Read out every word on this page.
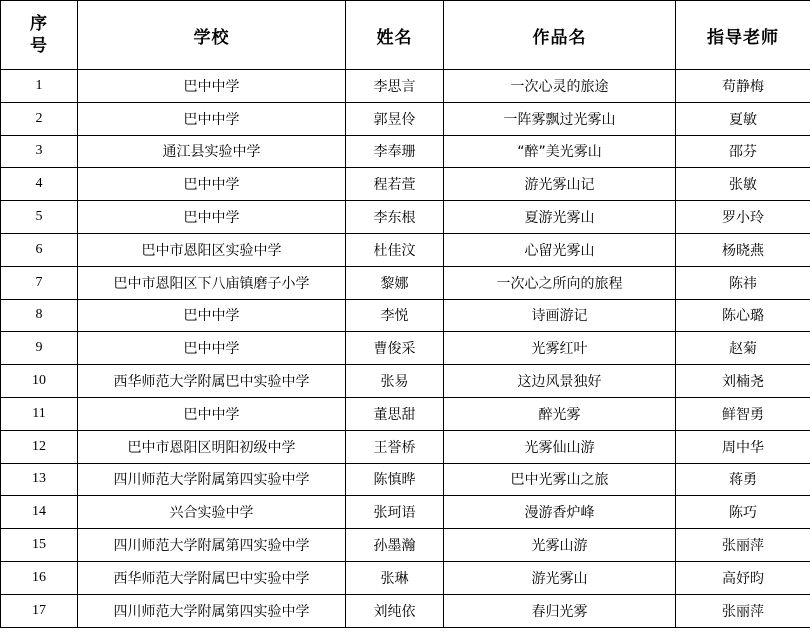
序
号	学校	姓名	作品名	指导老师
1	巴中中学	李思言	一次心灵的旅途	苟静梅
2	巴中中学	郭昱伶	一阵雾飘过光雾山	夏敏
3	通江县实验中学	李奉珊	“醉”美光雾山	邵芬
4	巴中中学	程若萱	游光雾山记	张敏
5	巴中中学	李东根	夏游光雾山	罗小玲
6	巴中市恩阳区实验中学	杜佳汶	心留光雾山	杨晓燕
7	巴中市恩阳区下八庙镇磨子小学	黎娜	一次心之所向的旅程	陈祎
8	巴中中学	李悦	诗画游记	陈心璐
9	巴中中学	曹俊采	光雾红叶	赵菊
10	西华师范大学附属巴中实验中学	张易	这边风景独好	刘楠尧
11	巴中中学	董思甜	醉光雾	鲜智勇
12	巴中市恩阳区明阳初级中学	王誉桥	光雾仙山游	周中华
13	四川师范大学附属第四实验中学	陈慎晔	巴中光雾山之旅	蒋勇
14	兴合实验中学	张珂语	漫游香炉峰	陈巧
15	四川师范大学附属第四实验中学	孙墨瀚	光雾山游	张丽萍
16	西华师范大学附属巴中实验中学	张琳	游光雾山	高妤昀
17	四川师范大学附属第四实验中学	刘纯依	春归光雾	张丽萍
